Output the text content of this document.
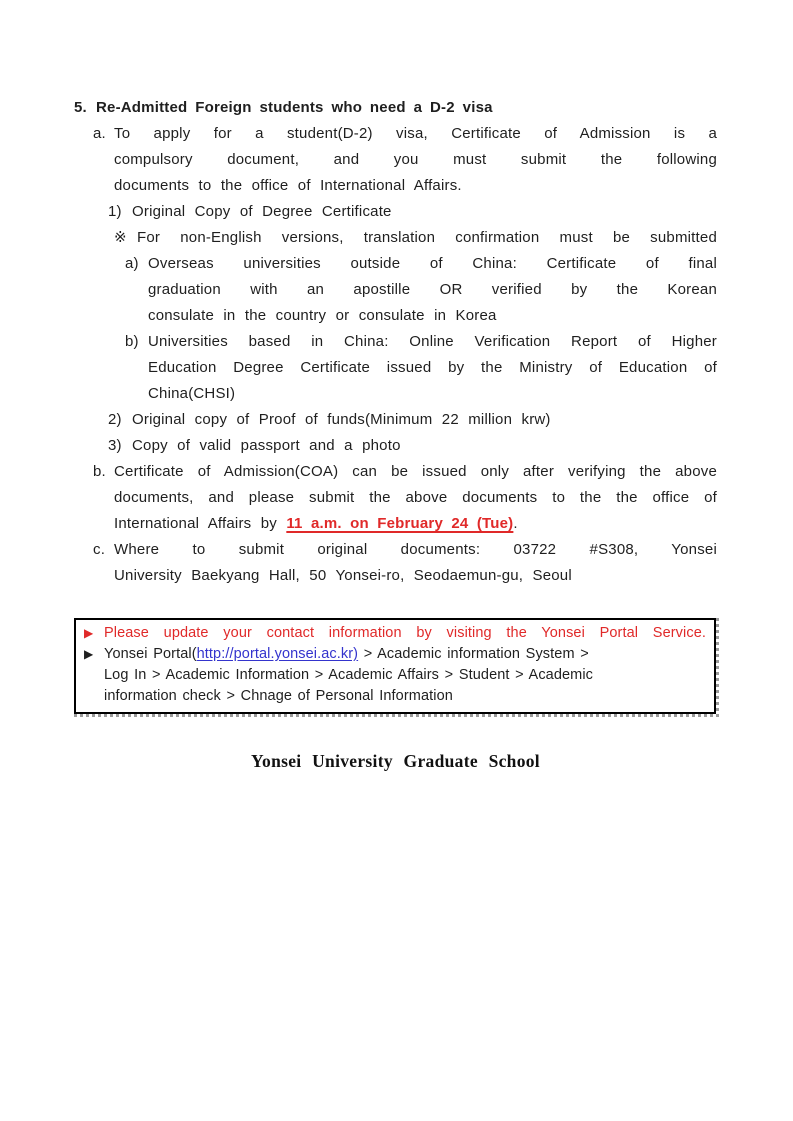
5. Re-Admitted Foreign students who need a D-2 visa
a. To apply for a student(D-2) visa, Certificate of Admission is a
compulsory document, and you must submit the following
documents to the office of International Affairs.
1) Original Copy of Degree Certificate
※ For non-English versions, translation confirmation must be submitted
a) Overseas universities outside of China: Certificate of final
graduation with an apostille OR verified by the Korean
consulate in the country or consulate in Korea
b) Universities based in China: Online Verification Report of Higher
Education Degree Certificate issued by the Ministry of Education of
China(CHSI)
2) Original copy of Proof of funds(Minimum 22 million krw)
3) Copy of valid passport and a photo
b. Certificate of Admission(COA) can be issued only after verifying the above
documents, and please submit the above documents to the the office of
International Affairs by 11 a.m. on February 24 (Tue).
c. Where to submit original documents: 03722 #S308, Yonsei
University Baekyang Hall, 50 Yonsei-ro, Seodaemun-gu, Seoul
▶ Please update your contact information by visiting the Yonsei Portal Service.
▶ Yonsei Portal(http://portal.yonsei.ac.kr) > Academic information System >
Log In > Academic Information > Academic Affairs > Student > Academic
information check > Chnage of Personal Information
Yonsei University Graduate School
